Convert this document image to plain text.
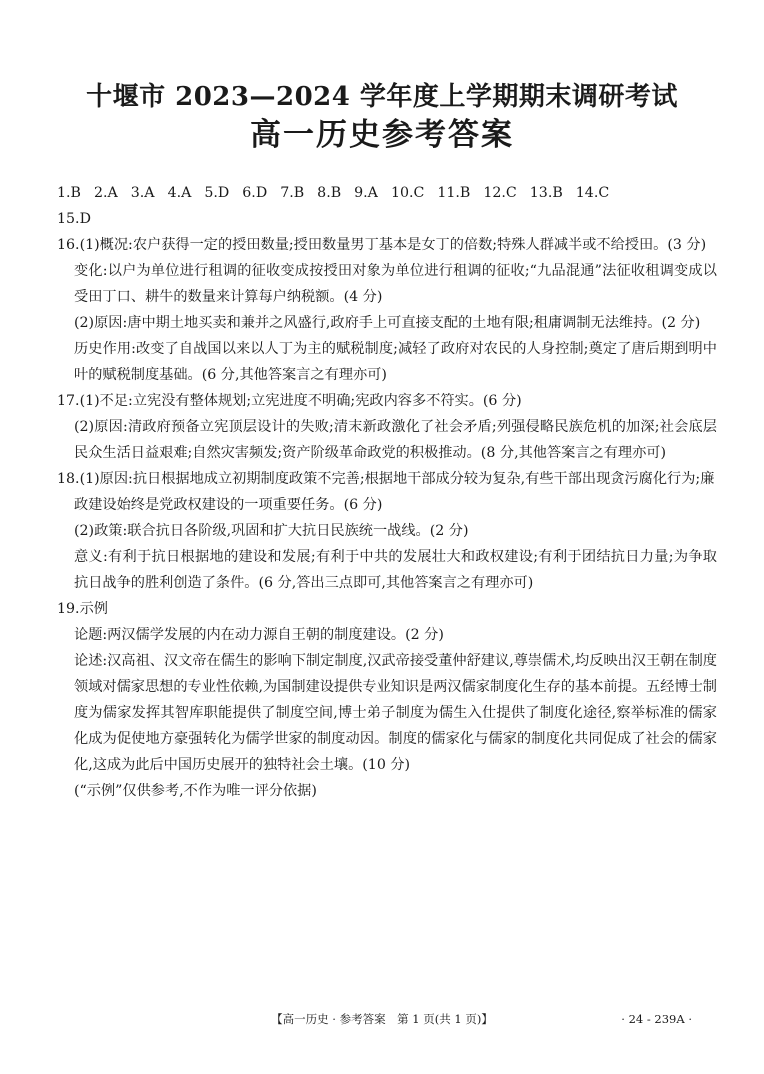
十堰市 2023—2024 学年度上学期期末调研考试
高一历史参考答案
1.B 2.A 3.A 4.A 5.D 6.D 7.B 8.B 9.A 10.C 11.B 12.C 13.B 14.C
15.D
16.(1)概况:农户获得一定的授田数量;授田数量男丁基本是女丁的倍数;特殊人群减半或不给授田。(3 分)
变化:以户为单位进行租调的征收变成按授田对象为单位进行租调的征收;“九品混通”法征收租调变成以受田丁口、耕牛的数量来计算每户纳税额。(4 分)
(2)原因:唐中期土地买卖和兼并之风盛行,政府手上可直接支配的土地有限;租庸调制无法维持。(2 分)
历史作用:改变了自战国以来以人丁为主的赋税制度;减轻了政府对农民的人身控制;奠定了唐后期到明中叶的赋税制度基础。(6 分,其他答案言之有理亦可)
17.(1)不足:立宪没有整体规划;立宪进度不明确;宪政内容多不符实。(6 分)
(2)原因:清政府预备立宪顶层设计的失败;清末新政激化了社会矛盾;列强侵略民族危机的加深;社会底层民众生活日益艰难;自然灾害频发;资产阶级革命政党的积极推动。(8 分,其他答案言之有理亦可)
18.(1)原因:抗日根据地成立初期制度政策不完善;根据地干部成分较为复杂,有些干部出现贪污腐化行为;廉政建设始终是党政权建设的一项重要任务。(6 分)
(2)政策:联合抗日各阶级,巩固和扩大抗日民族统一战线。(2 分)
意义:有利于抗日根据地的建设和发展;有利于中共的发展壮大和政权建设;有利于团结抗日力量;为争取抗日战争的胜利创造了条件。(6 分,答出三点即可,其他答案言之有理亦可)
19.示例
论题:两汉儒学发展的内在动力源自王朝的制度建设。(2 分)
论述:汉高祖、汉文帝在儒生的影响下制定制度,汉武帝接受董仲舒建议,尊崇儒术,均反映出汉王朝在制度领域对儒家思想的专业性依赖,为国制建设提供专业知识是两汉儒家制度化生存的基本前提。五经博士制度为儒家发挥其智库职能提供了制度空间,博士弟子制度为儒生入仕提供了制度化途径,察举标准的儒家化成为促使地方豪强转化为儒学世家的制度动因。制度的儒家化与儒家的制度化共同促成了社会的儒家化,这成为此后中国历史展开的独特社会土壤。(10 分)
(“示例”仅供参考,不作为唯一评分依据)
【高一历史 · 参考答案　第 1 页(共 1 页)】	· 24 - 239A ·
